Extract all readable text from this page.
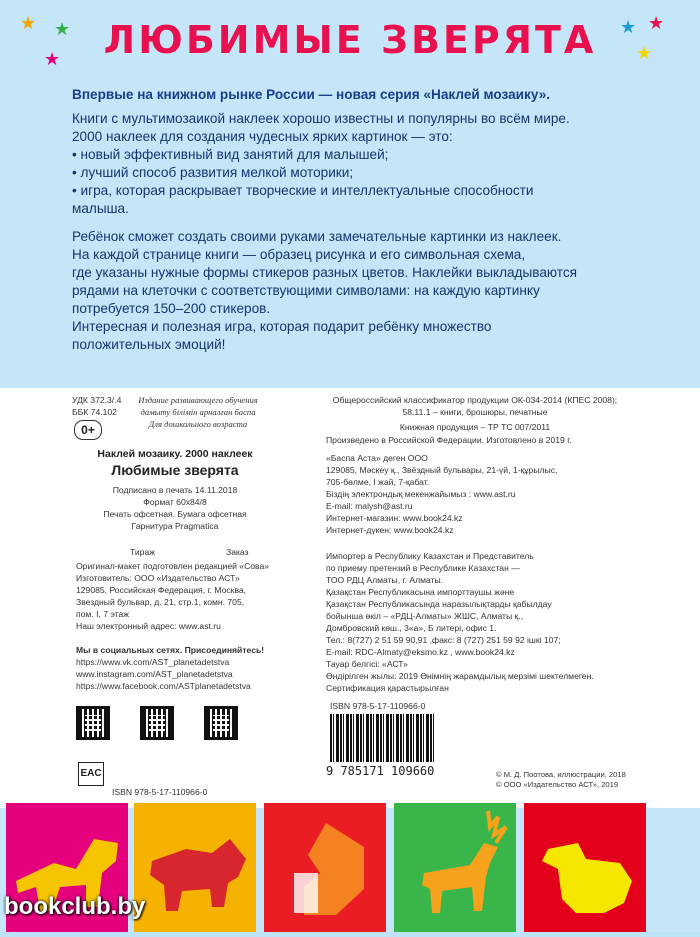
★ ★
★
★ ★
★
ЛЮБИМЫЕ ЗВЕРЯТА

Впервые на книжном рынке России — новая серия «Наклей мозаику».

Книги с мультимозаикой наклеек хорошо известны и популярны во всём мире.

2000 наклеек для создания чудесных ярких картинок — это:

• новый эффективный вид занятий для малышей;

• лучший способ развития мелкой моторики;

• игра, которая раскрывает творческие и интеллектуальные способности

малыша.

Ребёнок сможет создать своими руками замечательные картинки из наклеек.

На каждой странице книги — образец рисунка и его символьная схема,

где указаны нужные формы стикеров разных цветов. Наклейки выкладываются

рядами на клеточки с соответствующими символами: на каждую картинку

потребуется 150–200 стикеров.

Интересная и полезная игра, которая подарит ребёнку множество

положительных эмоций!

УДК 372.3/.4
ББК 74.102
0+
Издание развивающего обучения
дамыту білімін арналған баспа
Для дошкольного возраста
Наклей мозаику. 2000 наклеек
Любимые зверята
Подписано в печать 14.11.2018
Формат 60х84/8
Печать офсетная. Бумага офсетная
Гарнитура Pragmatica
Тираж	Заказ
Оригинал-макет подготовлен редакцией «Сова»
Изготовитель: ООО «Издательство АСТ»
129085, Российская Федерация, г. Москва,
Звездный бульвар, д. 21, стр.1, комн. 705,
пом. I, 7 этаж
Наш электронный адрес: www.ast.ru
Мы в социальных сетях. Присоединяйтесь!
https://www.vk.com/AST_planetadetstva
www.instagram.com/AST_planetadetstva
https://www.facebook.com/ASTplanetadetstva
EAC
ISBN 978-5-17-110966-0
Общероссийский классификатор продукции ОК-034-2014 (КПЕС 2008);
58.11.1 – книги, брошюры, печатные
Книжная продукция – ТР ТС 007/2011
Произведено в Российской Федерации. Изготовлено в 2019 г.
«Баспа Аста» деген ООО
129085, Мәскеу қ., Звёздный бульвары, 21-үй, 1-құрылыс,
705-бөлме, I жай, 7-қабат.
Біздің электрондық мекенжайымыз : www.ast.ru
E-mail: malysh@ast.ru
Интернет-магазин: www.book24.kz
Интернет-дүкен: www.book24.kz
Импортер в Республику Казахстан и Представитель
по приему претензий в Республике Казахстан —
ТОО РДЦ Алматы, г. Алматы.
Қазақстан Республикасына импорттаушы және
Қазақстан Республикасында наразылықтарды қабылдау
бойынша өкіл – «РДЦ-Алматы» ЖШС, Алматы қ.,
Домбровский көш., 3«а», Б литері, офис 1.
Тел.: 8(727) 2 51 59 90,91 ,факс: 8 (727) 251 59 92 ішкі 107;
E-mail: RDC-Almaty@eksmo.kz , www.book24.kz
Тауар белгісі: «АСТ»
Өндірілген жылы: 2019 Өнімнің жарамдылық мерзімі шектелмеген.
Сертификация қарастырылған
ISBN 978-5-17-110966-0
9 785171 109660	© М. Д. Поотова, иллюстрации, 2018
© ООО «Издательство АСТ», 2019
bookclub.by
